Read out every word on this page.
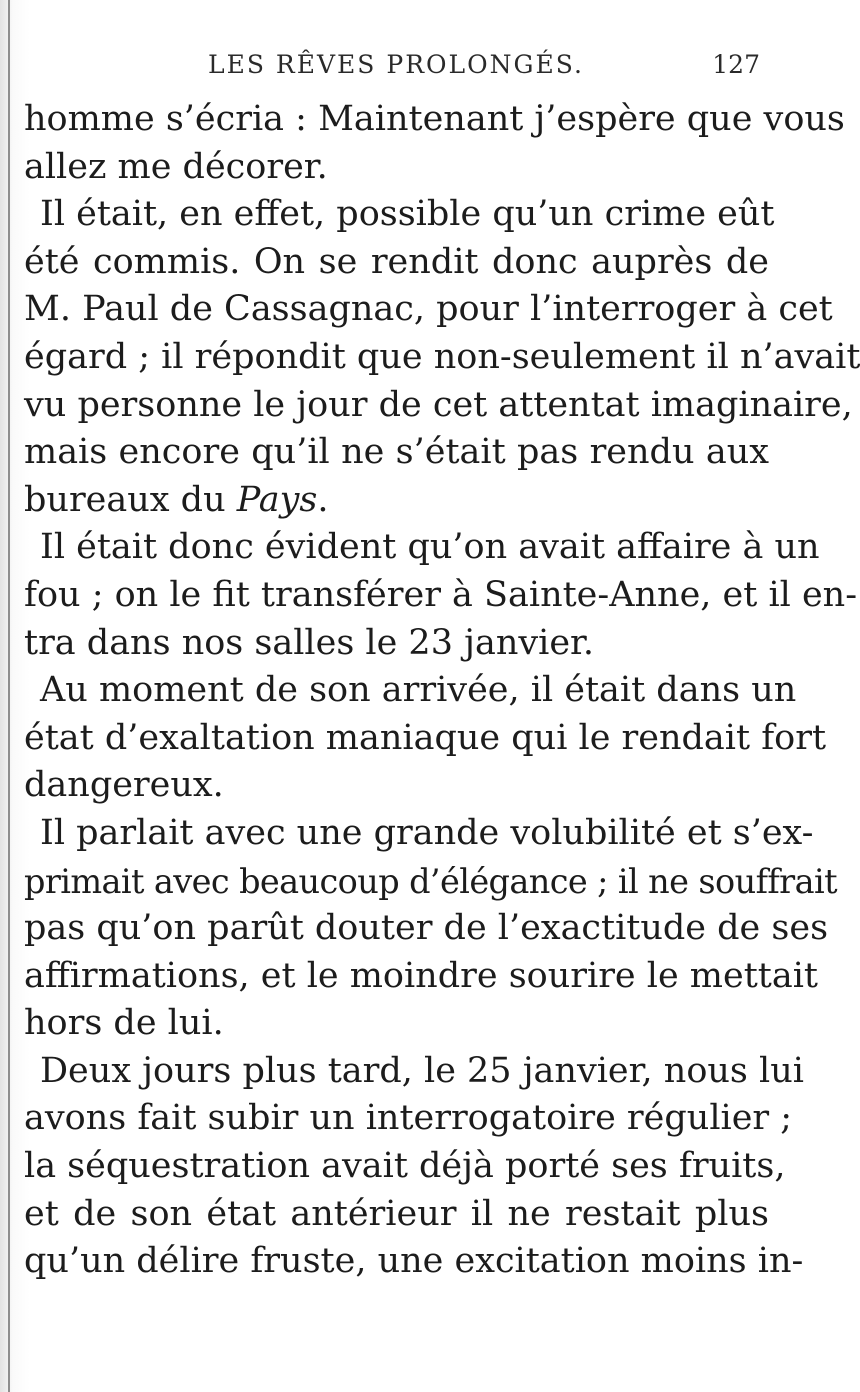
LES RÊVES PROLONGÉS.	127
homme s’écria : Maintenant j’espère que vous
allez me décorer.
Il était, en effet, possible qu’un crime eût
été commis. On se rendit donc auprès de
M. Paul de Cassagnac, pour l’interroger à cet
égard ; il répondit que non-seulement il n’avait
vu personne le jour de cet attentat imaginaire,
mais encore qu’il ne s’était pas rendu aux
bureaux du Pays.
Il était donc évident qu’on avait affaire à un
fou ; on le fit transférer à Sainte-Anne, et il en-
tra dans nos salles le 23 janvier.
Au moment de son arrivée, il était dans un
état d’exaltation maniaque qui le rendait fort
dangereux.
Il parlait avec une grande volubilité et s’ex-
primait avec beaucoup d’élégance ; il ne souffrait
pas qu’on parût douter de l’exactitude de ses
affirmations, et le moindre sourire le mettait
hors de lui.
Deux jours plus tard, le 25 janvier, nous lui
avons fait subir un interrogatoire régulier ;
la séquestration avait déjà porté ses fruits,
et de son état antérieur il ne restait plus
qu’un délire fruste, une excitation moins in-
